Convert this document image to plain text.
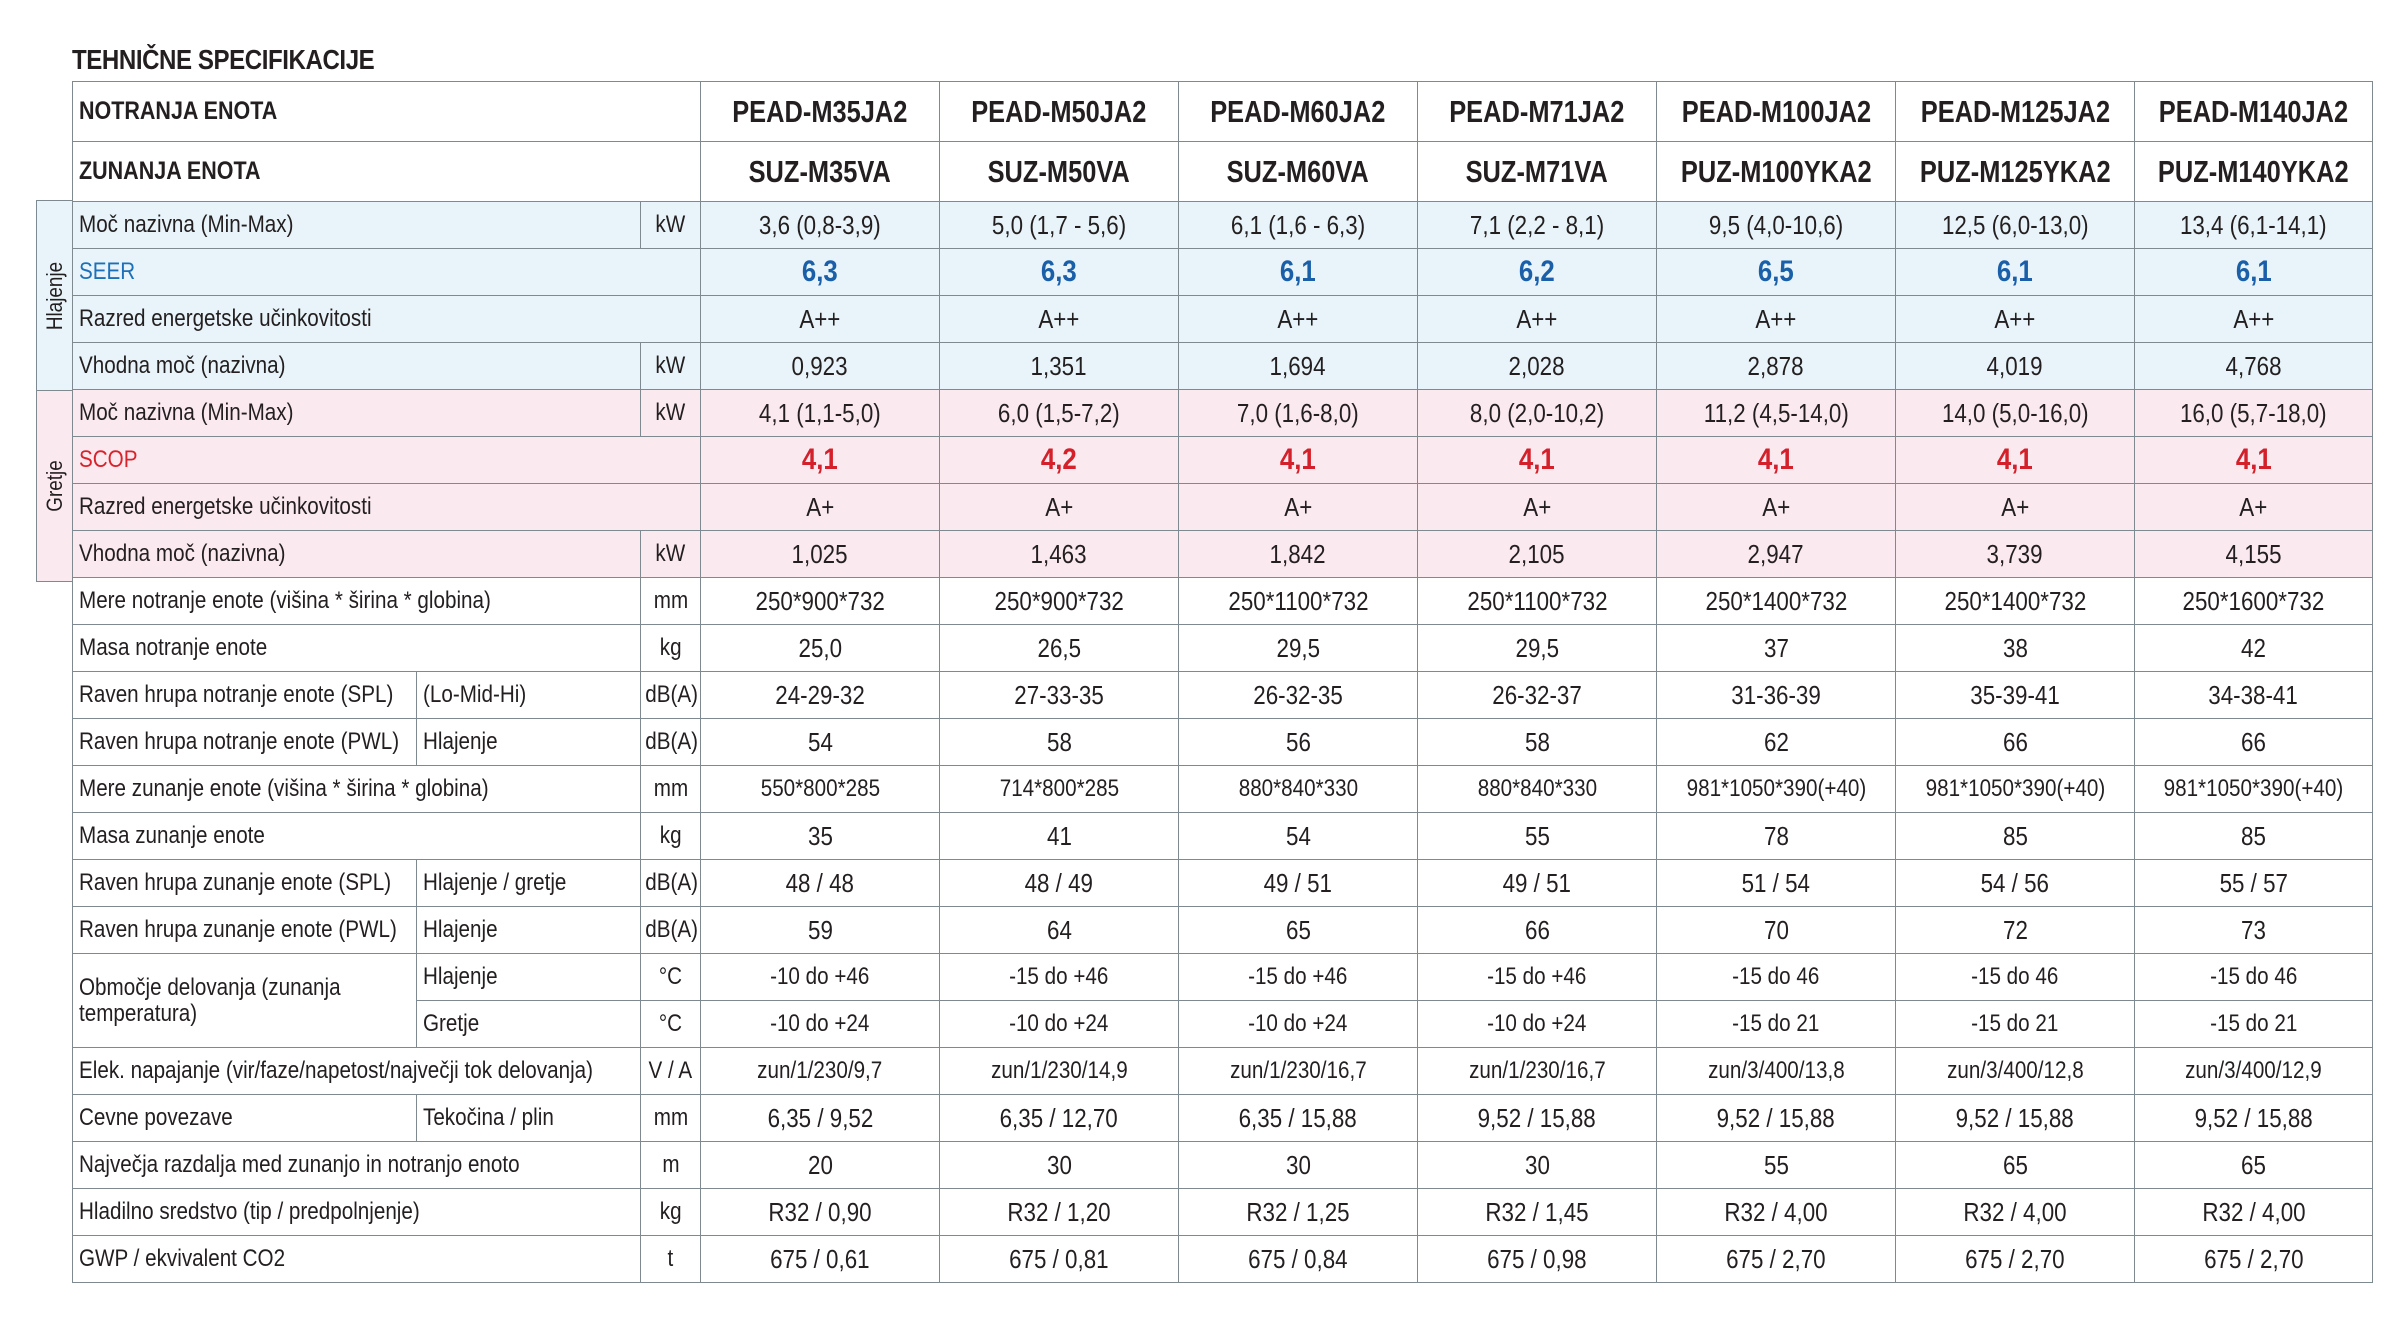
TEHNIČNE SPECIFIKACIJE
Hlajenje
Gretje
NOTRANJA ENOTA			PEAD-M35JA2	PEAD-M50JA2	PEAD-M60JA2	PEAD-M71JA2	PEAD-M100JA2	PEAD-M125JA2	PEAD-M140JA2
ZUNANJA ENOTA			SUZ-M35VA	SUZ-M50VA	SUZ-M60VA	SUZ-M71VA	PUZ-M100YKA2	PUZ-M125YKA2	PUZ-M140YKA2
Moč nazivna (Min-Max)		kW	3,6 (0,8-3,9)	5,0 (1,7 - 5,6)	6,1 (1,6 - 6,3)	7,1 (2,2 - 8,1)	9,5 (4,0-10,6)	12,5 (6,0-13,0)	13,4 (6,1-14,1)
SEER			6,3	6,3	6,1	6,2	6,5	6,1	6,1
Razred energetske učinkovitosti			A++	A++	A++	A++	A++	A++	A++
Vhodna moč (nazivna)		kW	0,923	1,351	1,694	2,028	2,878	4,019	4,768
Moč nazivna (Min-Max)		kW	4,1 (1,1-5,0)	6,0 (1,5-7,2)	7,0 (1,6-8,0)	8,0 (2,0-10,2)	11,2 (4,5-14,0)	14,0 (5,0-16,0)	16,0 (5,7-18,0)
SCOP			4,1	4,2	4,1	4,1	4,1	4,1	4,1
Razred energetske učinkovitosti			A+	A+	A+	A+	A+	A+	A+
Vhodna moč (nazivna)		kW	1,025	1,463	1,842	2,105	2,947	3,739	4,155
Mere notranje enote (višina * širina * globina)		mm	250*900*732	250*900*732	250*1100*732	250*1100*732	250*1400*732	250*1400*732	250*1600*732
Masa notranje enote		kg	25,0	26,5	29,5	29,5	37	38	42
Raven hrupa notranje enote (SPL)	(Lo-Mid-Hi)	dB(A)	24-29-32	27-33-35	26-32-35	26-32-37	31-36-39	35-39-41	34-38-41
Raven hrupa notranje enote (PWL)	Hlajenje	dB(A)	54	58	56	58	62	66	66
Mere zunanje enote (višina * širina * globina)		mm	550*800*285	714*800*285	880*840*330	880*840*330	981*1050*390(+40)	981*1050*390(+40)	981*1050*390(+40)
Masa zunanje enote		kg	35	41	54	55	78	85	85
Raven hrupa zunanje enote (SPL)	Hlajenje / gretje	dB(A)	48 / 48	48 / 49	49 / 51	49 / 51	51 / 54	54 / 56	55 / 57
Raven hrupa zunanje enote (PWL)	Hlajenje	dB(A)	59	64	65	66	70	72	73
Območje delovanja (zunanja temperatura)	Hlajenje	°C	-10 do +46	-15 do +46	-15 do +46	-15 do +46	-15 do 46	-15 do 46	-15 do 46
	Gretje	°C	-10 do +24	-10 do +24	-10 do +24	-10 do +24	-15 do 21	-15 do 21	-15 do 21
Elek. napajanje (vir/faze/napetost/največji tok delovanja)		V / A	zun/1/230/9,7	zun/1/230/14,9	zun/1/230/16,7	zun/1/230/16,7	zun/3/400/13,8	zun/3/400/12,8	zun/3/400/12,9
Cevne povezave	Tekočina / plin	mm	6,35 / 9,52	6,35 / 12,70	6,35 / 15,88	9,52 / 15,88	9,52 / 15,88	9,52 / 15,88	9,52 / 15,88
Največja razdalja med zunanjo in notranjo enoto		m	20	30	30	30	55	65	65
Hladilno sredstvo (tip / predpolnjenje)		kg	R32 / 0,90	R32 / 1,20	R32 / 1,25	R32 / 1,45	R32 / 4,00	R32 / 4,00	R32 / 4,00
GWP / ekvivalent CO2		t	675 / 0,61	675 / 0,81	675 / 0,84	675 / 0,98	675 / 2,70	675 / 2,70	675 / 2,70
